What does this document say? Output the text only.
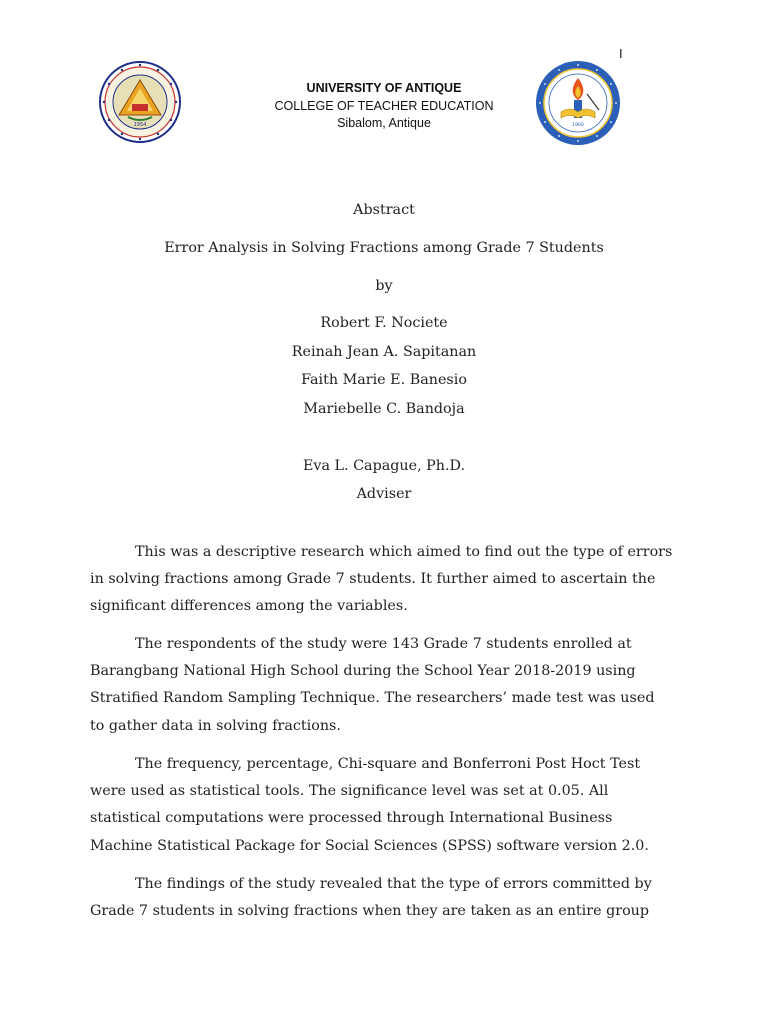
I
1954	1960
UNIVERSITY OF ANTIQUE
COLLEGE OF TEACHER EDUCATION
Sibalom, Antique
Abstract
Error Analysis in Solving Fractions among Grade 7 Students
by
Robert F. Nociete
Reinah Jean A. Sapitanan
Faith Marie E. Banesio
Mariebelle C. Bandoja
Eva L. Capague, Ph.D.
Adviser
This was a descriptive research which aimed to find out the type of errors
in solving fractions among Grade 7 students. It further aimed to ascertain the
significant differences among the variables.
The respondents of the study were 143 Grade 7 students enrolled at
Barangbang National High School during the School Year 2018-2019 using
Stratified Random Sampling Technique. The researchers’ made test was used
to gather data in solving fractions.
The frequency, percentage, Chi-square and Bonferroni Post Hoct Test
were used as statistical tools. The significance level was set at 0.05. All
statistical computations were processed through International Business
Machine Statistical Package for Social Sciences (SPSS) software version 2.0.
The findings of the study revealed that the type of errors committed by
Grade 7 students in solving fractions when they are taken as an entire group
